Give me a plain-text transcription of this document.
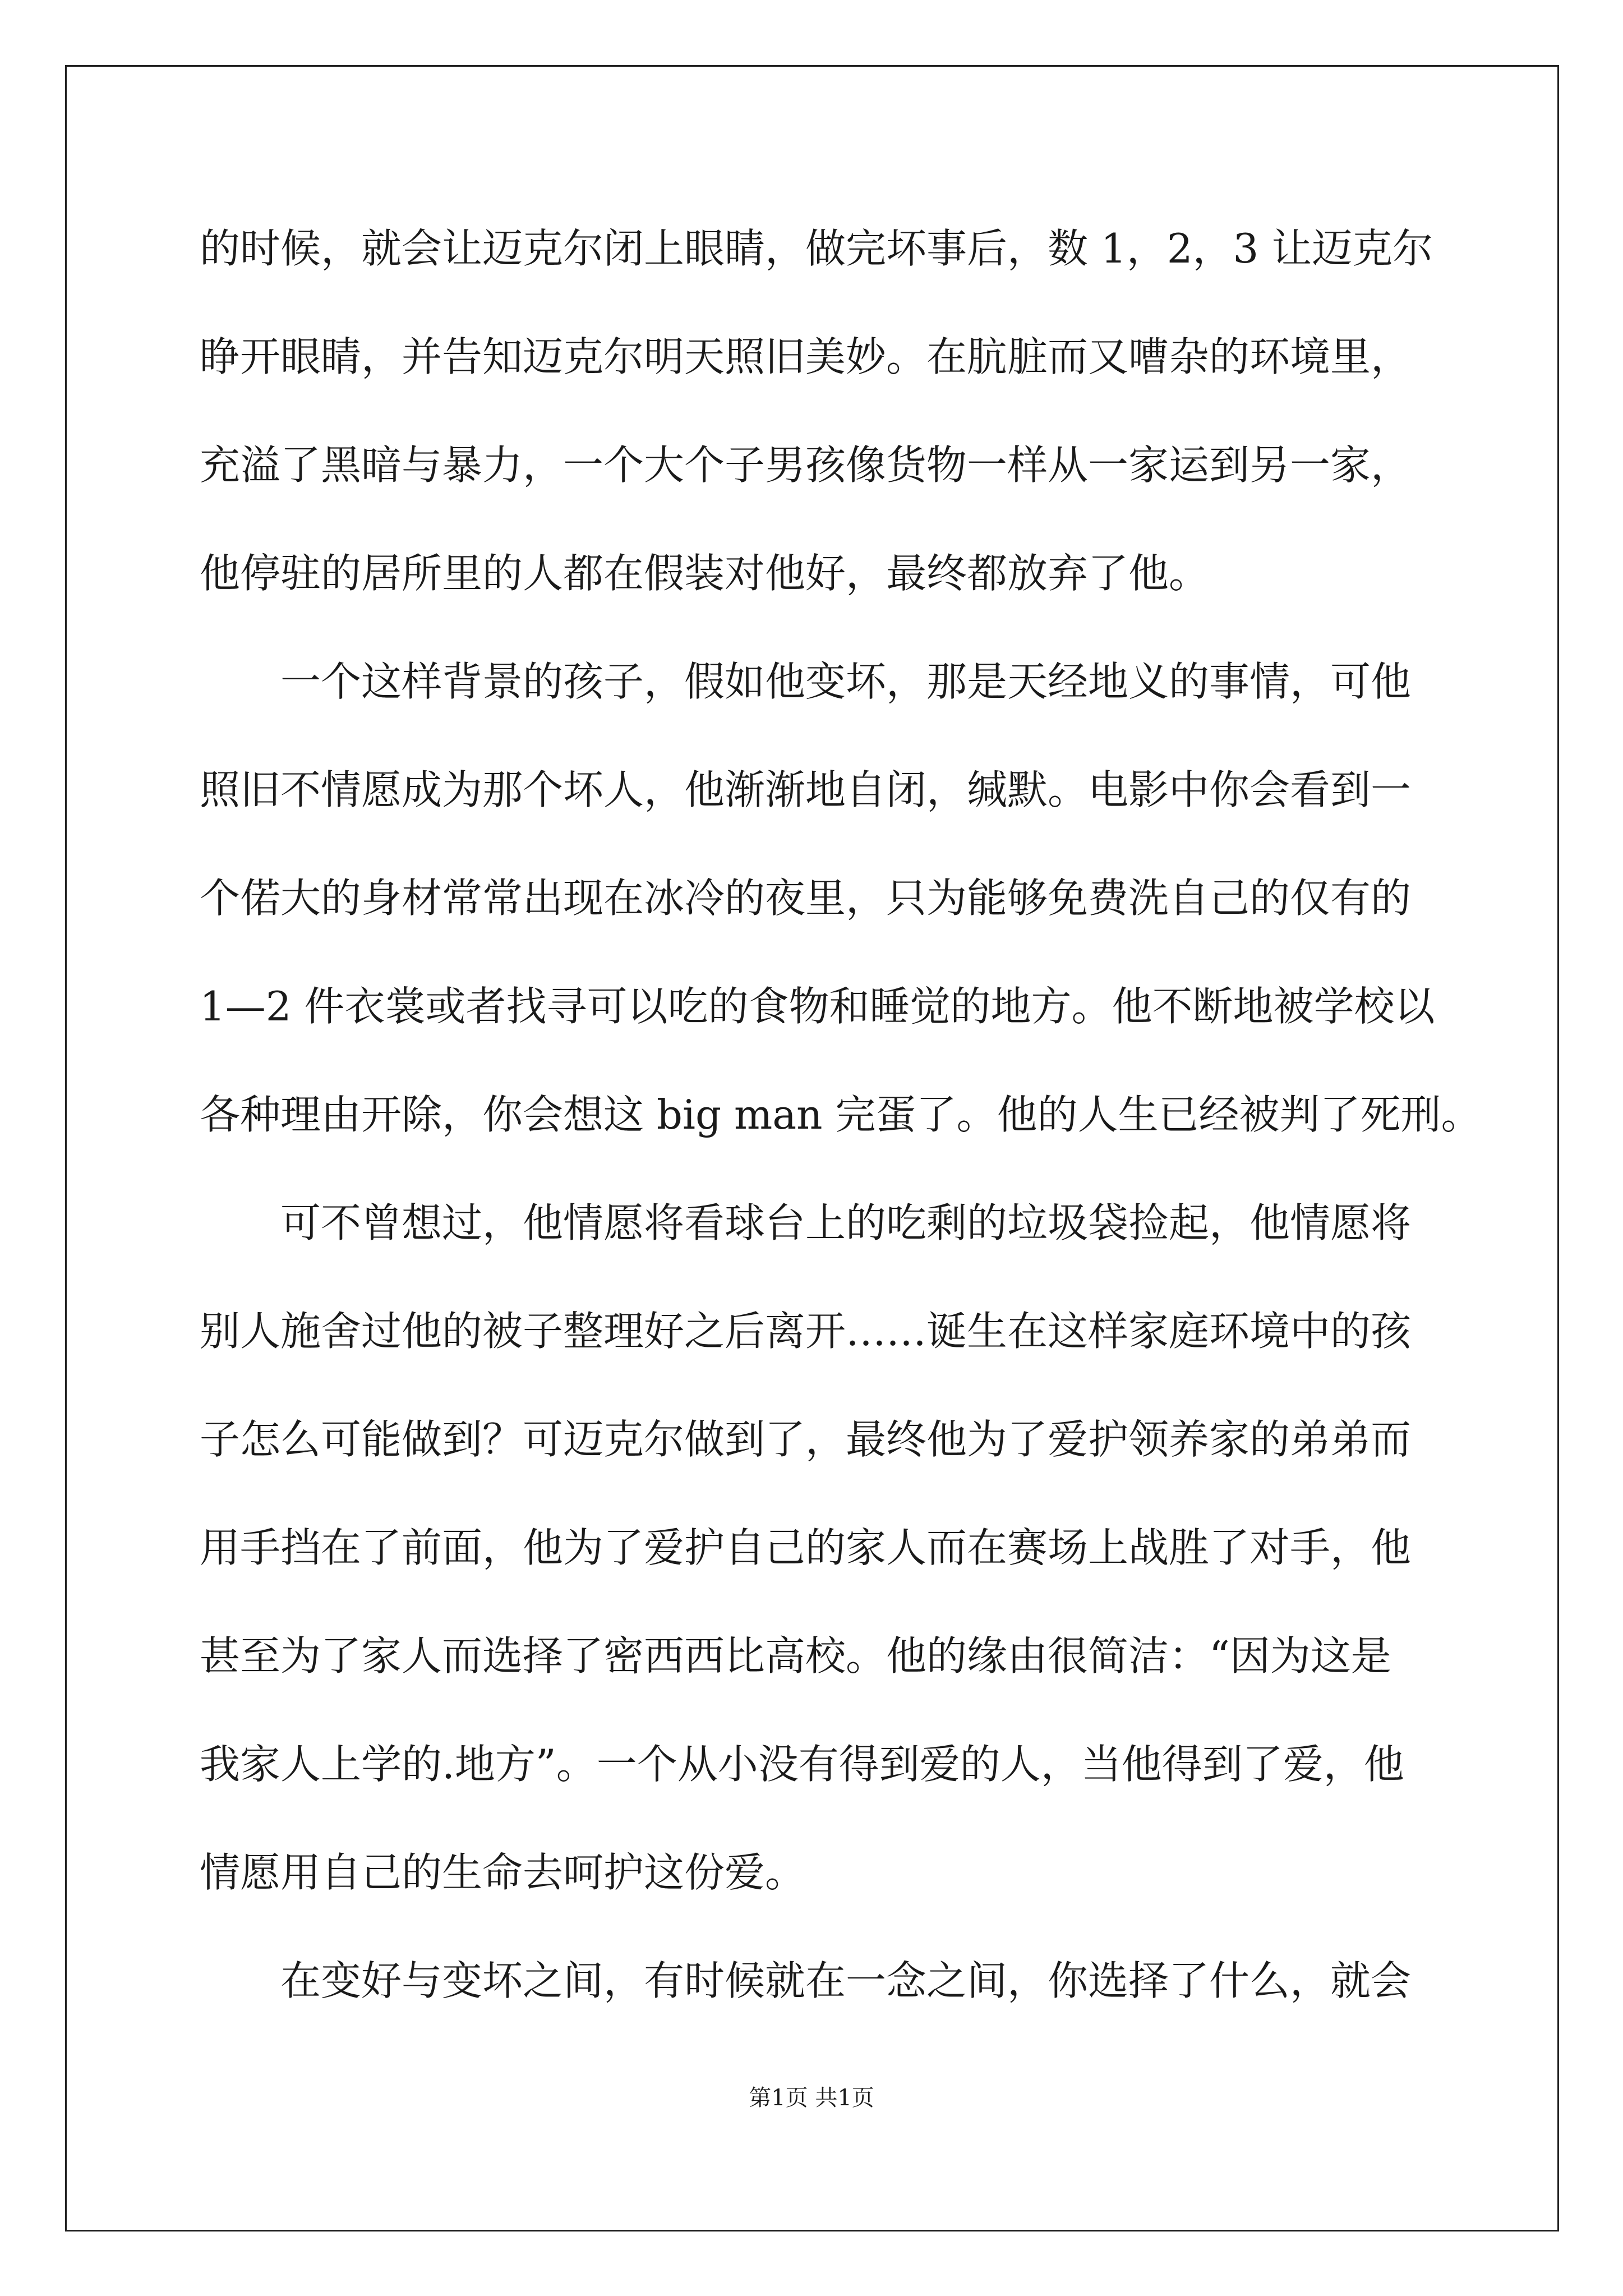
的时候，就会让迈克尔闭上眼睛，做完坏事后，数 1，2，3 让迈克尔
睁开眼睛，并告知迈克尔明天照旧美妙。在肮脏而又嘈杂的环境里，
充溢了黑暗与暴力，一个大个子男孩像货物一样从一家运到另一家，
他停驻的居所里的人都在假装对他好，最终都放弃了他。
一个这样背景的孩子，假如他变坏，那是天经地义的事情，可他
照旧不情愿成为那个坏人，他渐渐地自闭，缄默。电影中你会看到一
个偌大的身材常常出现在冰冷的夜里，只为能够免费洗自己的仅有的
1—2 件衣裳或者找寻可以吃的食物和睡觉的地方。他不断地被学校以
各种理由开除，你会想这 big man 完蛋了。他的人生已经被判了死刑。
可不曾想过，他情愿将看球台上的吃剩的垃圾袋捡起，他情愿将
别人施舍过他的被子整理好之后离开……诞生在这样家庭环境中的孩
子怎么可能做到？可迈克尔做到了，最终他为了爱护领养家的弟弟而
用手挡在了前面，他为了爱护自己的家人而在赛场上战胜了对手，他
甚至为了家人而选择了密西西比高校。他的缘由很简洁：“因为这是
我家人上学的.地方”。一个从小没有得到爱的人，当他得到了爱，他
情愿用自己的生命去呵护这份爱。
在变好与变坏之间，有时候就在一念之间，你选择了什么，就会
第1页 共1页
